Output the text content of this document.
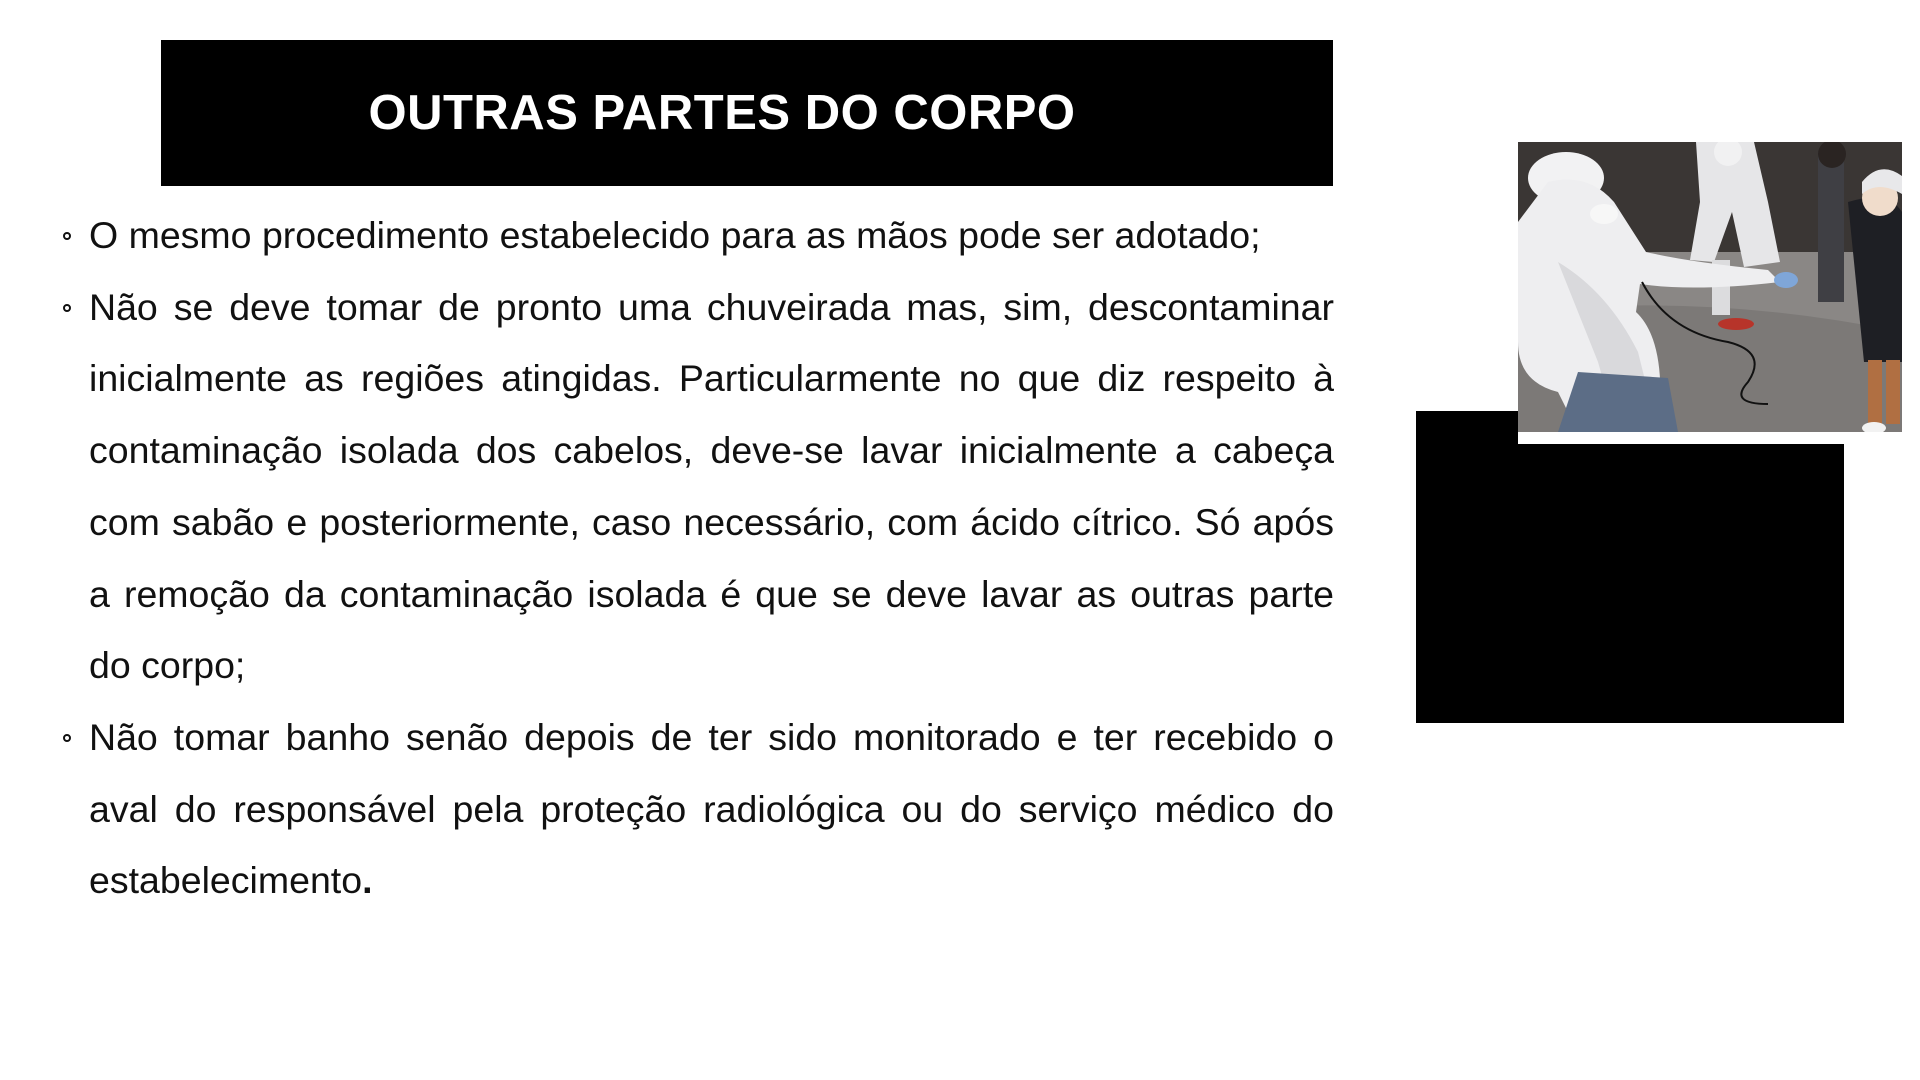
OUTRAS PARTES DO CORPO
O mesmo procedimento estabelecido para as mãos pode ser adotado;
Não se deve tomar de pronto uma chuveirada mas, sim, descontaminar inicialmente as regiões atingidas. Particularmente no que diz respeito à contaminação isolada dos cabelos, deve-se lavar inicialmente a cabeça com sabão e posteriormente, caso necessário, com ácido cítrico. Só após a remoção da contaminação isolada é que se deve lavar as outras parte do corpo;
Não tomar banho senão depois de ter sido monitorado e ter recebido o aval do responsável pela proteção radiológica ou do serviço médico do estabelecimento.
